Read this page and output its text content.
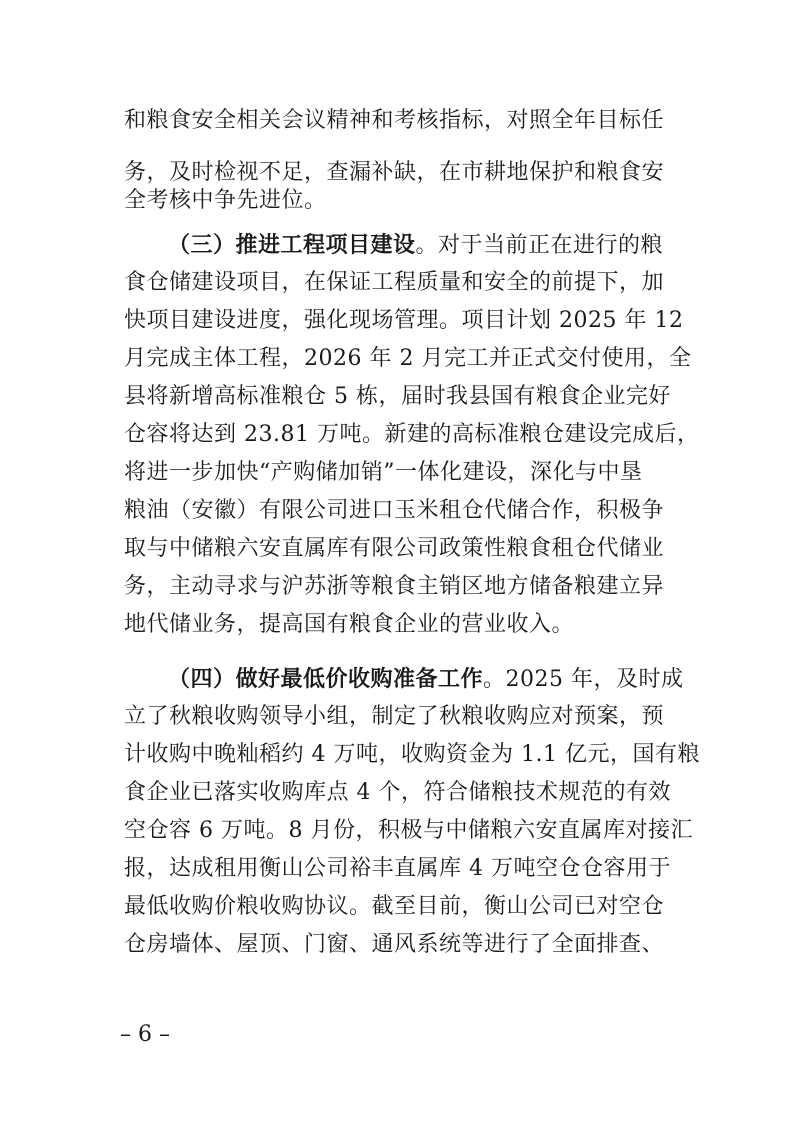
和粮食安全相关会议精神和考核指标，对照全年目标任
务，及时检视不足，查漏补缺，在市耕地保护和粮食安
全考核中争先进位。
（三）推进工程项目建设。对于当前正在进行的粮
食仓储建设项目，在保证工程质量和安全的前提下，加
快项目建设进度，强化现场管理。项目计划 2025 年 12
月完成主体工程，2026 年 2 月完工并正式交付使用，全
县将新增高标准粮仓 5 栋，届时我县国有粮食企业完好
仓容将达到 23.81 万吨。新建的高标准粮仓建设完成后，
将进一步加快“产购储加销”一体化建设，深化与中垦
粮油（安徽）有限公司进口玉米租仓代储合作，积极争
取与中储粮六安直属库有限公司政策性粮食租仓代储业
务，主动寻求与沪苏浙等粮食主销区地方储备粮建立异
地代储业务，提高国有粮食企业的营业收入。
（四）做好最低价收购准备工作。2025 年，及时成
立了秋粮收购领导小组，制定了秋粮收购应对预案，预
计收购中晚籼稻约 4 万吨，收购资金为 1.1 亿元，国有粮
食企业已落实收购库点 4 个，符合储粮技术规范的有效
空仓容 6 万吨。8 月份，积极与中储粮六安直属库对接汇
报，达成租用衡山公司裕丰直属库 4 万吨空仓仓容用于
最低收购价粮收购协议。截至目前，衡山公司已对空仓
仓房墙体、屋顶、门窗、通风系统等进行了全面排查、
– 6 –
